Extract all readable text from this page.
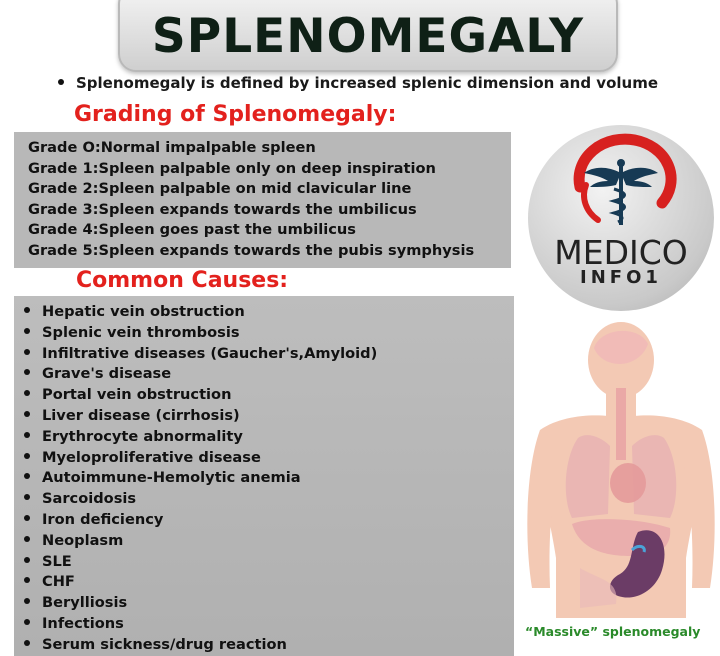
SPLENOMEGALY
Splenomegaly is defined by increased splenic dimension and volume
Grading of Splenomegaly:
Grade O:Normal impalpable spleen
Grade 1:Spleen palpable only on deep inspiration
Grade 2:Spleen palpable on mid clavicular line
Grade 3:Spleen expands towards the umbilicus
Grade 4:Spleen goes past the umbilicus
Grade 5:Spleen expands towards the pubis symphysis
Common Causes:
Hepatic vein obstruction
Splenic vein thrombosis
Infiltrative diseases (Gaucher's,Amyloid)
Grave's disease
Portal vein obstruction
Liver disease (cirrhosis)
Erythrocyte abnormality
Myeloproliferative disease
Autoimmune-Hemolytic anemia
Sarcoidosis
Iron deficiency
Neoplasm
SLE
CHF
Berylliosis
Infections
Serum sickness/drug reaction
MEDICO
INFO1
“Massive” splenomegaly
